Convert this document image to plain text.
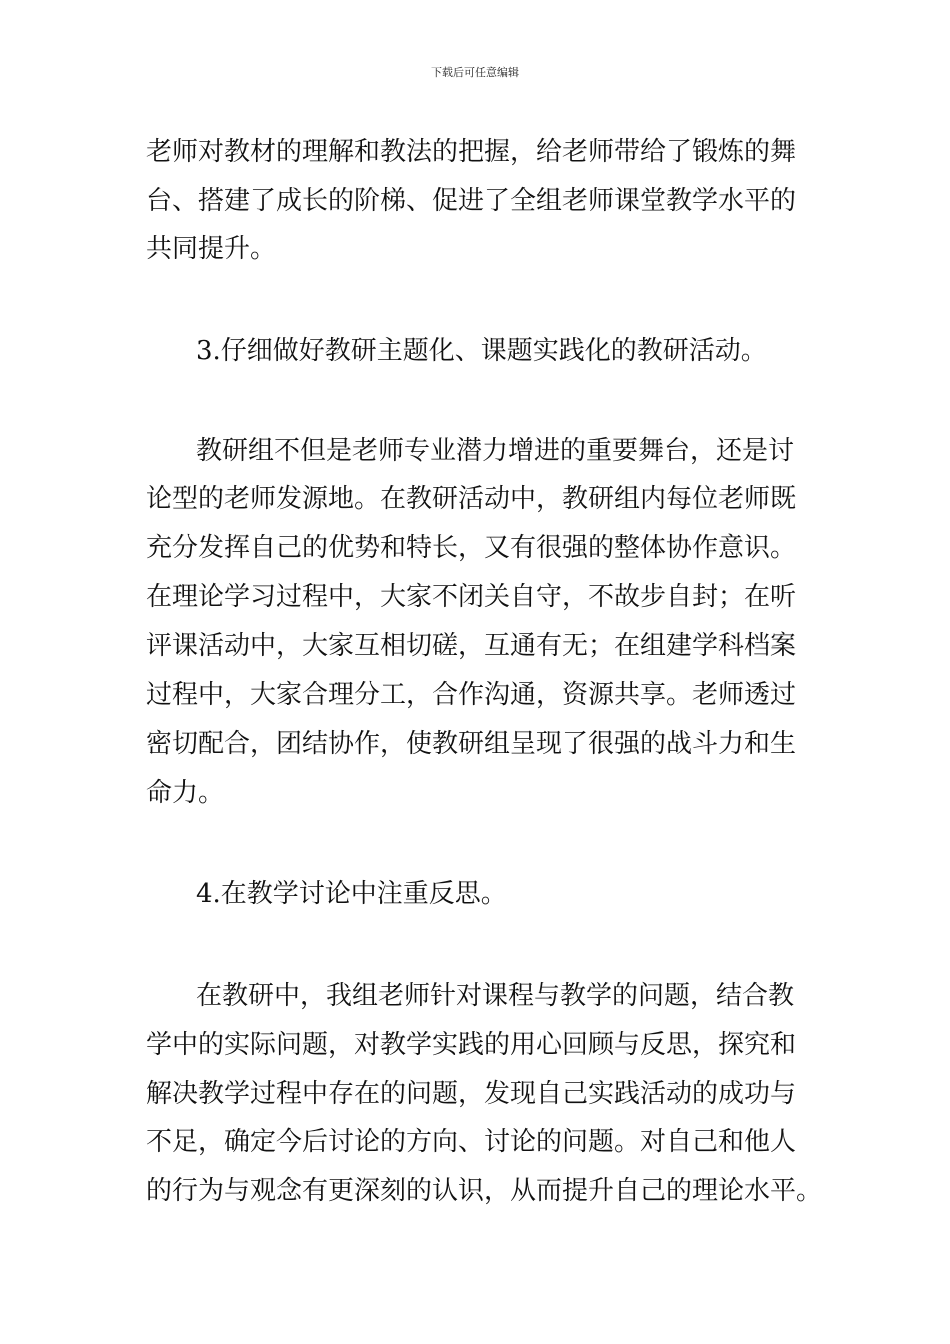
下载后可任意编辑
老师对教材的理解和教法的把握，给老师带给了锻炼的舞
台、搭建了成长的阶梯、促进了全组老师课堂教学水平的
共同提升。
3.仔细做好教研主题化、课题实践化的教研活动。
教研组不但是老师专业潜力增进的重要舞台，还是讨
论型的老师发源地。在教研活动中，教研组内每位老师既
充分发挥自己的优势和特长，又有很强的整体协作意识。
在理论学习过程中，大家不闭关自守，不故步自封；在听
评课活动中，大家互相切磋，互通有无；在组建学科档案
过程中，大家合理分工，合作沟通，资源共享。老师透过
密切配合，团结协作，使教研组呈现了很强的战斗力和生
命力。
4.在教学讨论中注重反思。
在教研中，我组老师针对课程与教学的问题，结合教
学中的实际问题，对教学实践的用心回顾与反思，探究和
解决教学过程中存在的问题，发现自己实践活动的成功与
不足，确定今后讨论的方向、讨论的问题。对自己和他人
的行为与观念有更深刻的认识，从而提升自己的理论水平。
